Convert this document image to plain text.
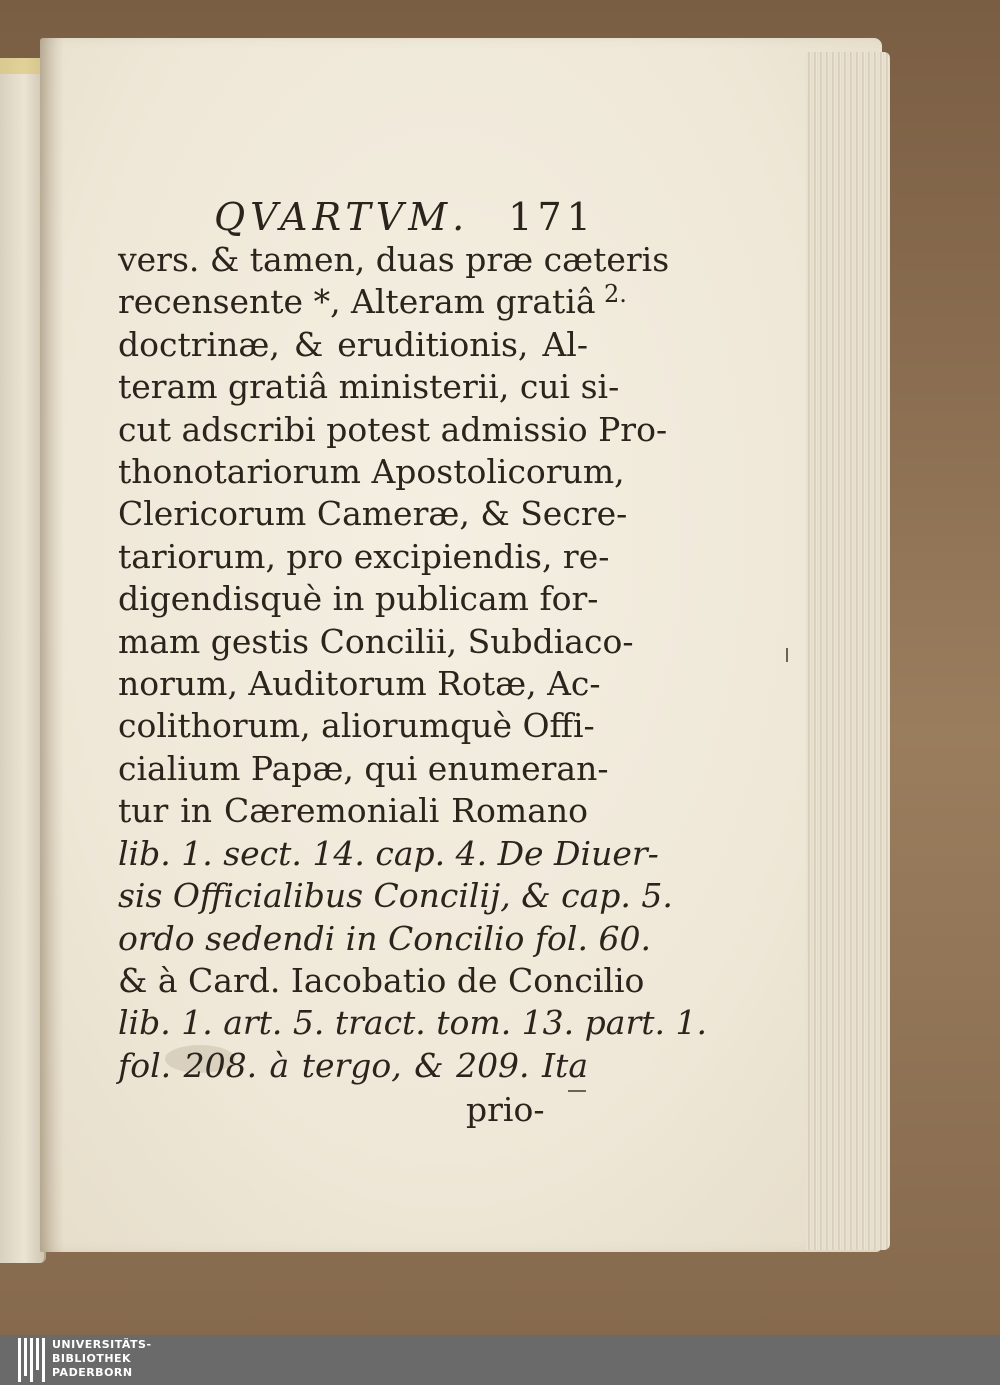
QVARTVM. 171
vers. & tamen, duas præ cæteris
recensente *, Alteram gratiâ
doctrinæ, & eruditionis, Al-
teram gratiâ ministerii, cui si-
cut adscribi potest admissio Pro-
thonotariorum Apostolicorum,
Clericorum Cameræ, & Secre-
tariorum, pro excipiendis, re-
digendisquè in publicam for-
mam gestis Concilii, Subdiaco-
norum, Auditorum Rotæ, Ac-
colithorum, aliorumquè Offi-
cialium Papæ, qui enumeran-
tur in Cæremoniali Romano
lib. 1. sect. 14. cap. 4. De Diuer-
sis Officialibus Concilij, & cap. 5.
ordo sedendi in Concilio fol. 60.
& à Card. Iacobatio de Concilio
lib. 1. art. 5. tract. tom. 13. part. 1.
fol. 208. à tergo, & 209. Ita
prio-
2.
UNIVERSITÄTS-
BIBLIOTHEK
PADERBORN
